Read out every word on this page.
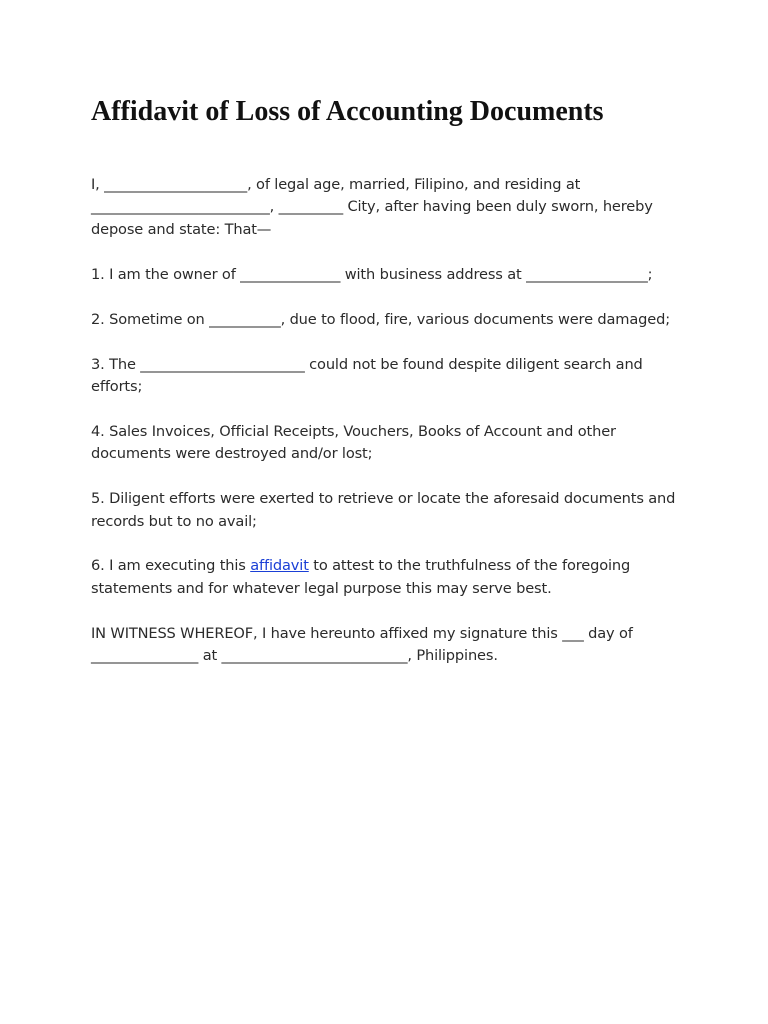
Affidavit of Loss of Accounting Documents

I, ____________________, of legal age, married, Filipino, and residing at
_________________________, _________ City, after having been duly sworn, hereby
depose and state: That—

1. I am the owner of ______________ with business address at _________________;

2. Sometime on __________, due to flood, fire, various documents were damaged;

3. The _______________________ could not be found despite diligent search and
efforts;

4. Sales Invoices, Official Receipts, Vouchers, Books of Account and other
documents were destroyed and/or lost;

5. Diligent efforts were exerted to retrieve or locate the aforesaid documents and
records but to no avail;

6. I am executing this affidavit to attest to the truthfulness of the foregoing
statements and for whatever legal purpose this may serve best.

IN WITNESS WHEREOF, I have hereunto affixed my signature this ___ day of
_______________ at __________________________, Philippines.
